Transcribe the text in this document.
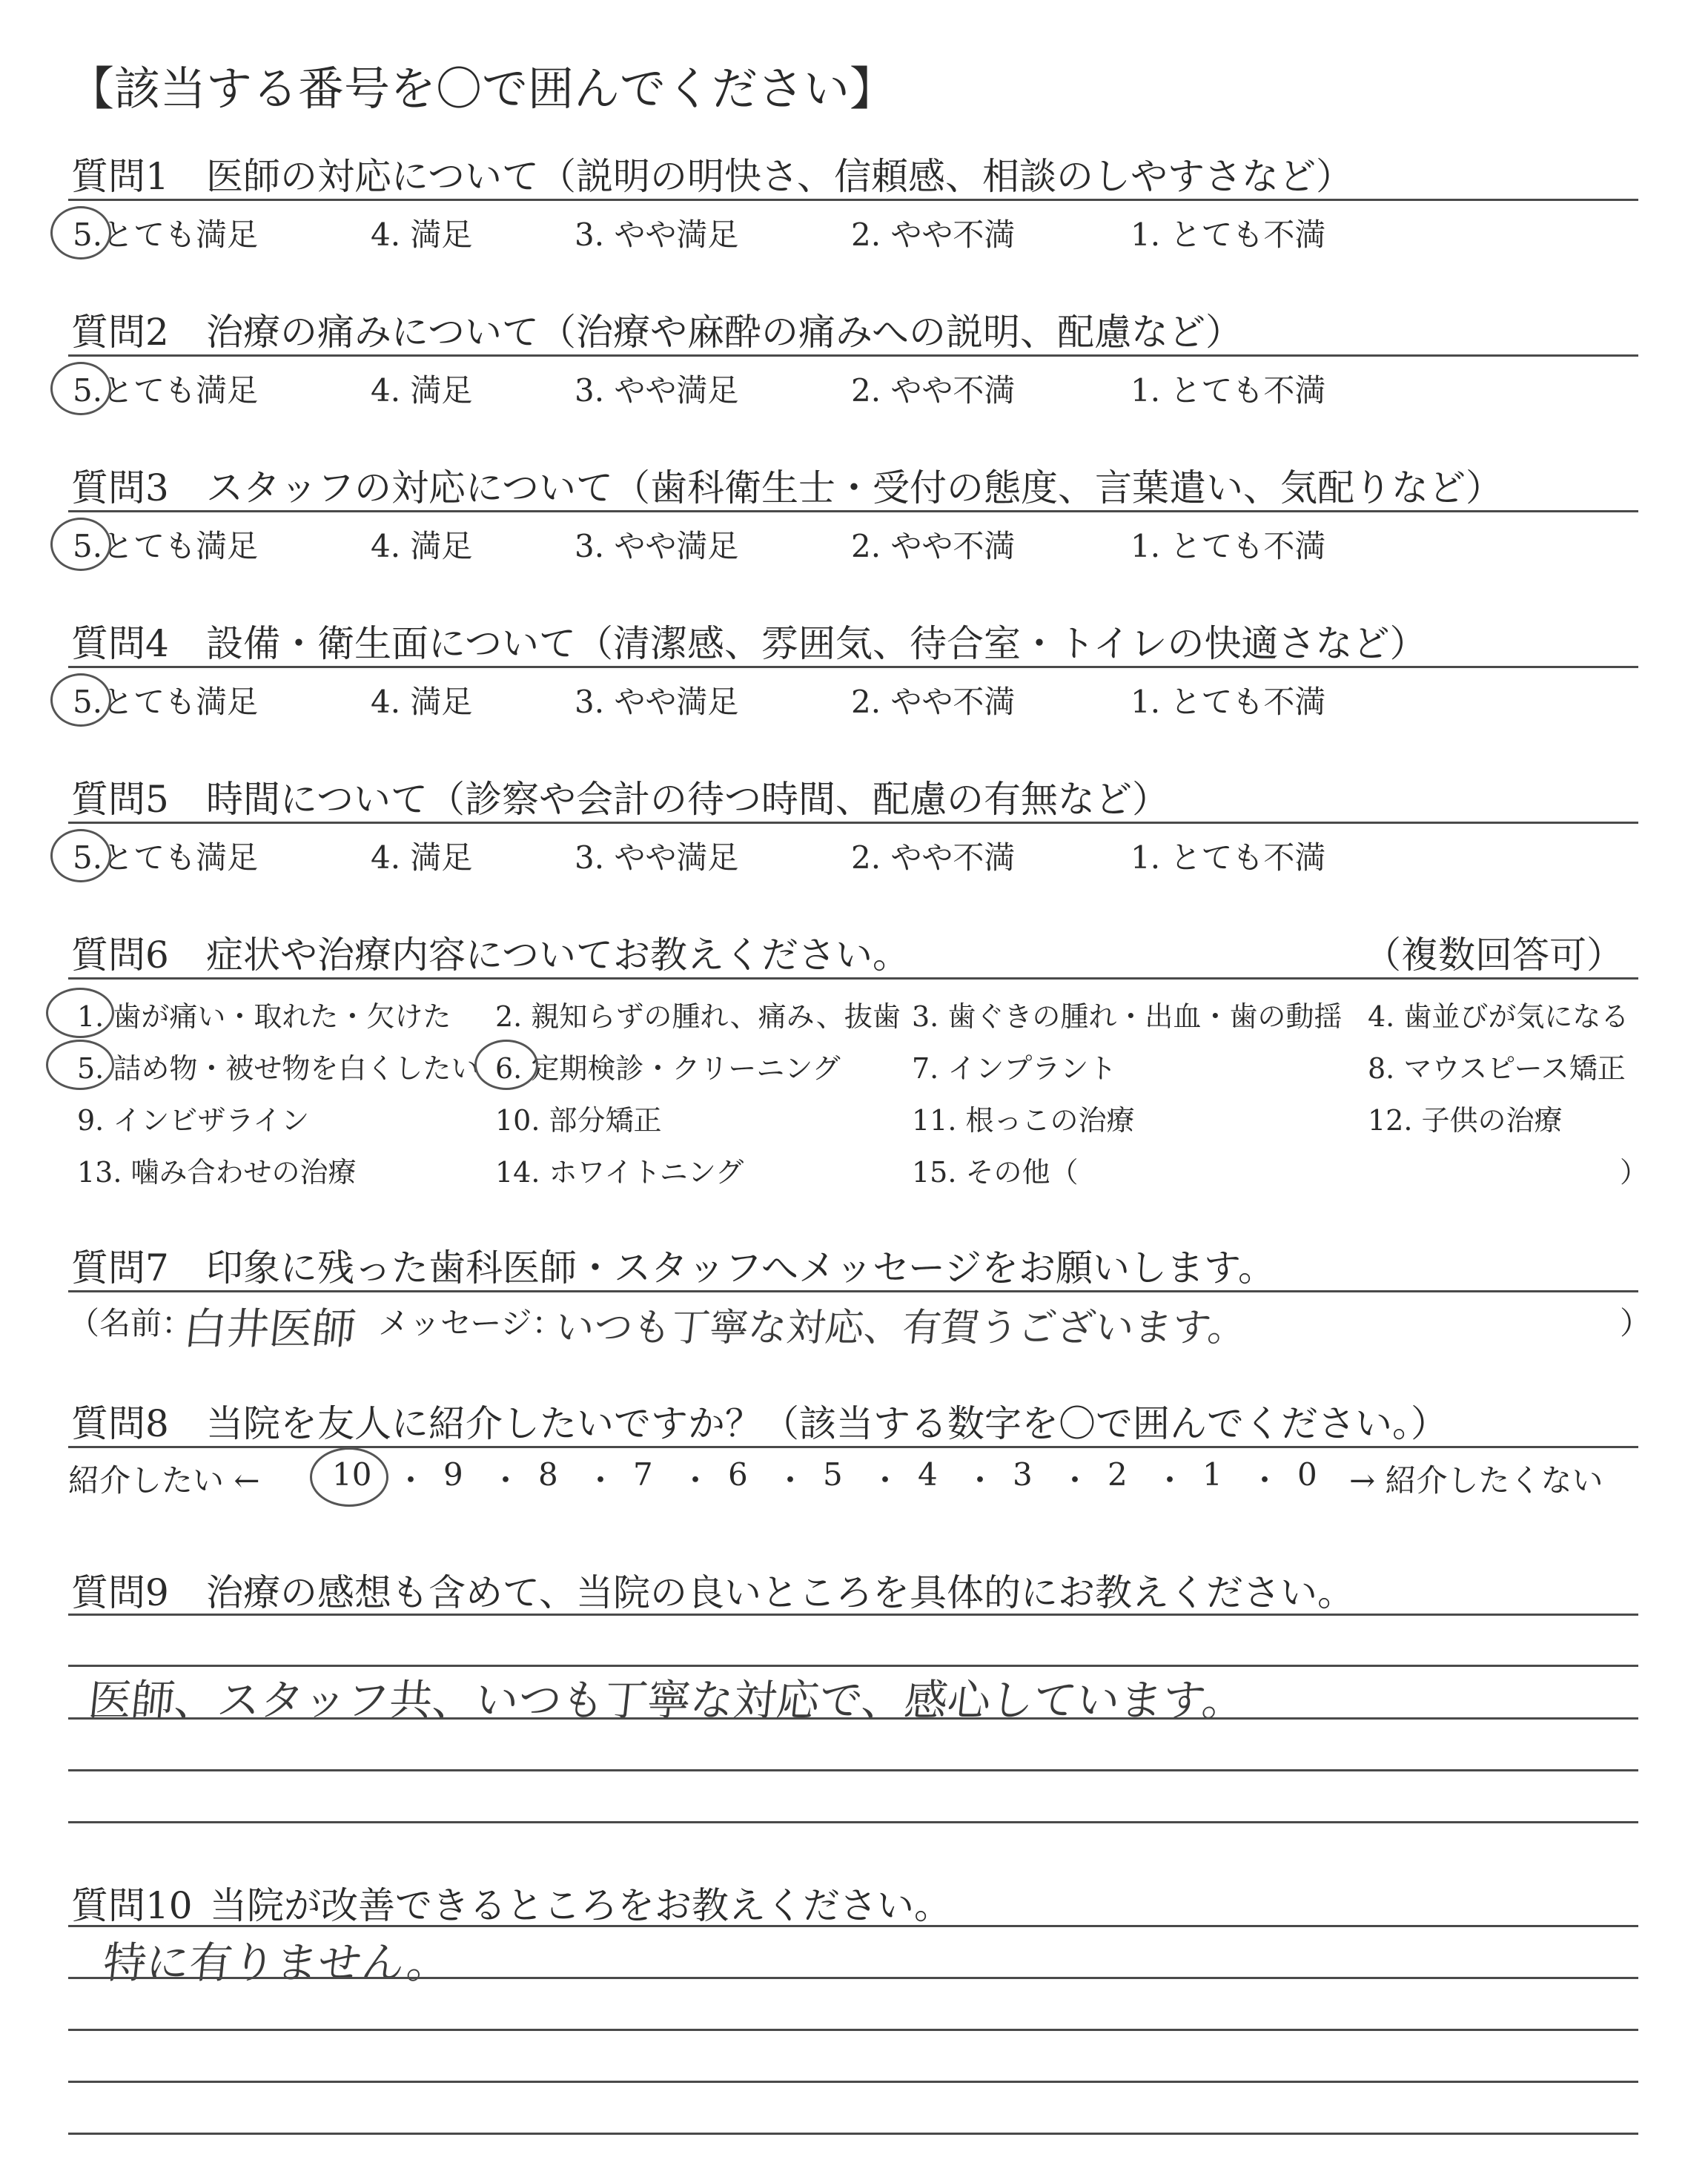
【該当する番号を〇で囲んでください】
質問1 医師の対応について（説明の明快さ、信頼感、相談のしやすさなど）
5.とても満足	4. 満足	3. やや満足	2. やや不満	1. とても不満
質問2 治療の痛みについて（治療や麻酔の痛みへの説明、配慮など）
5.とても満足	4. 満足	3. やや満足	2. やや不満	1. とても不満
質問3 スタッフの対応について（歯科衛生士・受付の態度、言葉遣い、気配りなど）
5.とても満足	4. 満足	3. やや満足	2. やや不満	1. とても不満
質問4 設備・衛生面について（清潔感、雰囲気、待合室・トイレの快適さなど）
5.とても満足	4. 満足	3. やや満足	2. やや不満	1. とても不満
質問5 時間について（診察や会計の待つ時間、配慮の有無など）
5.とても満足	4. 満足	3. やや満足	2. やや不満	1. とても不満
質問6 症状や治療内容についてお教えください。	（複数回答可）
1. 歯が痛い・取れた・欠けた 2. 親知らずの腫れ、痛み、抜歯 3. 歯ぐきの腫れ・出血・歯の動揺 4. 歯並びが気になる
5. 詰め物・被せ物を白くしたい 6. 定期検診・クリーニング	7. インプラント	8. マウスピース矯正
9. インビザライン	10. 部分矯正	11. 根っこの治療	12. 子供の治療
13. 噛み合わせの治療	14. ホワイトニング	15. その他（	）
質問7 印象に残った歯科医師・スタッフへメッセージをお願いします。
（名前：
白井医師 メッセージ：
いつも丁寧な対応、有賀うございます。	）
質問8 当院を友人に紹介したいですか？（該当する数字を〇で囲んでください。）
紹介したい ←	→ 紹介したくない
10 ・ 9 ・ 8 ・ 7 ・ 6 ・ 5 ・ 4 ・ 3 ・ 2 ・ 1 ・ 0
質問9 治療の感想も含めて、当院の良いところを具体的にお教えください。
医師、スタッフ共、いつも丁寧な対応で、感心しています。
質問10 当院が改善できるところをお教えください。
特に有りません。
